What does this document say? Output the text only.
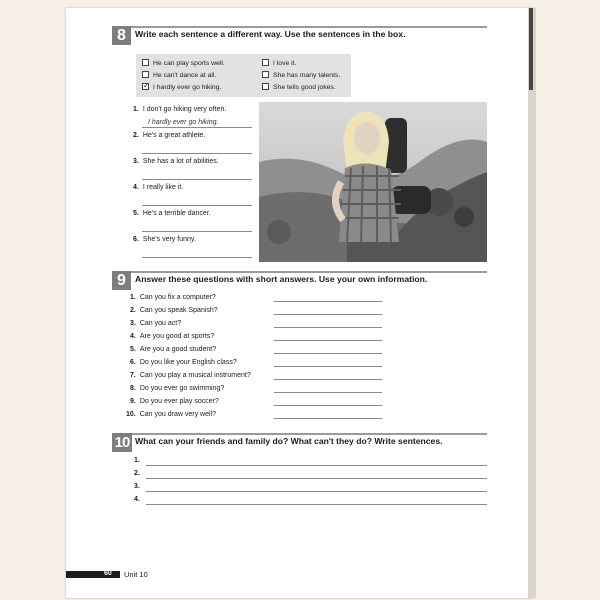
8	Write each sentence a different way. Use the sentences in the box.
He can play sports well.
He can't dance at all.
✓ I hardly ever go hiking.
I love it.
She has many talents.
She tells good jokes.
1. I don't go hiking very often.
I hardly ever go hiking.
2. He's a great athlete.
3. She has a lot of abilities.
4. I really like it.
5. He's a terrible dancer.
6. She's very funny.
9	Answer these questions with short answers. Use your own information.
1. Can you fix a computer?
2. Can you speak Spanish?
3. Can you act?
4. Are you good at sports?
5. Are you a good student?
6. Do you like your English class?
7. Can you play a musical instrument?
8. Do you ever go swimming?
9. Do you ever play soccer?
10. Can you draw very well?
10 What can your friends and family do? What can't they do? Write sentences.
1.
2.
3.
4.
60 Unit 10
